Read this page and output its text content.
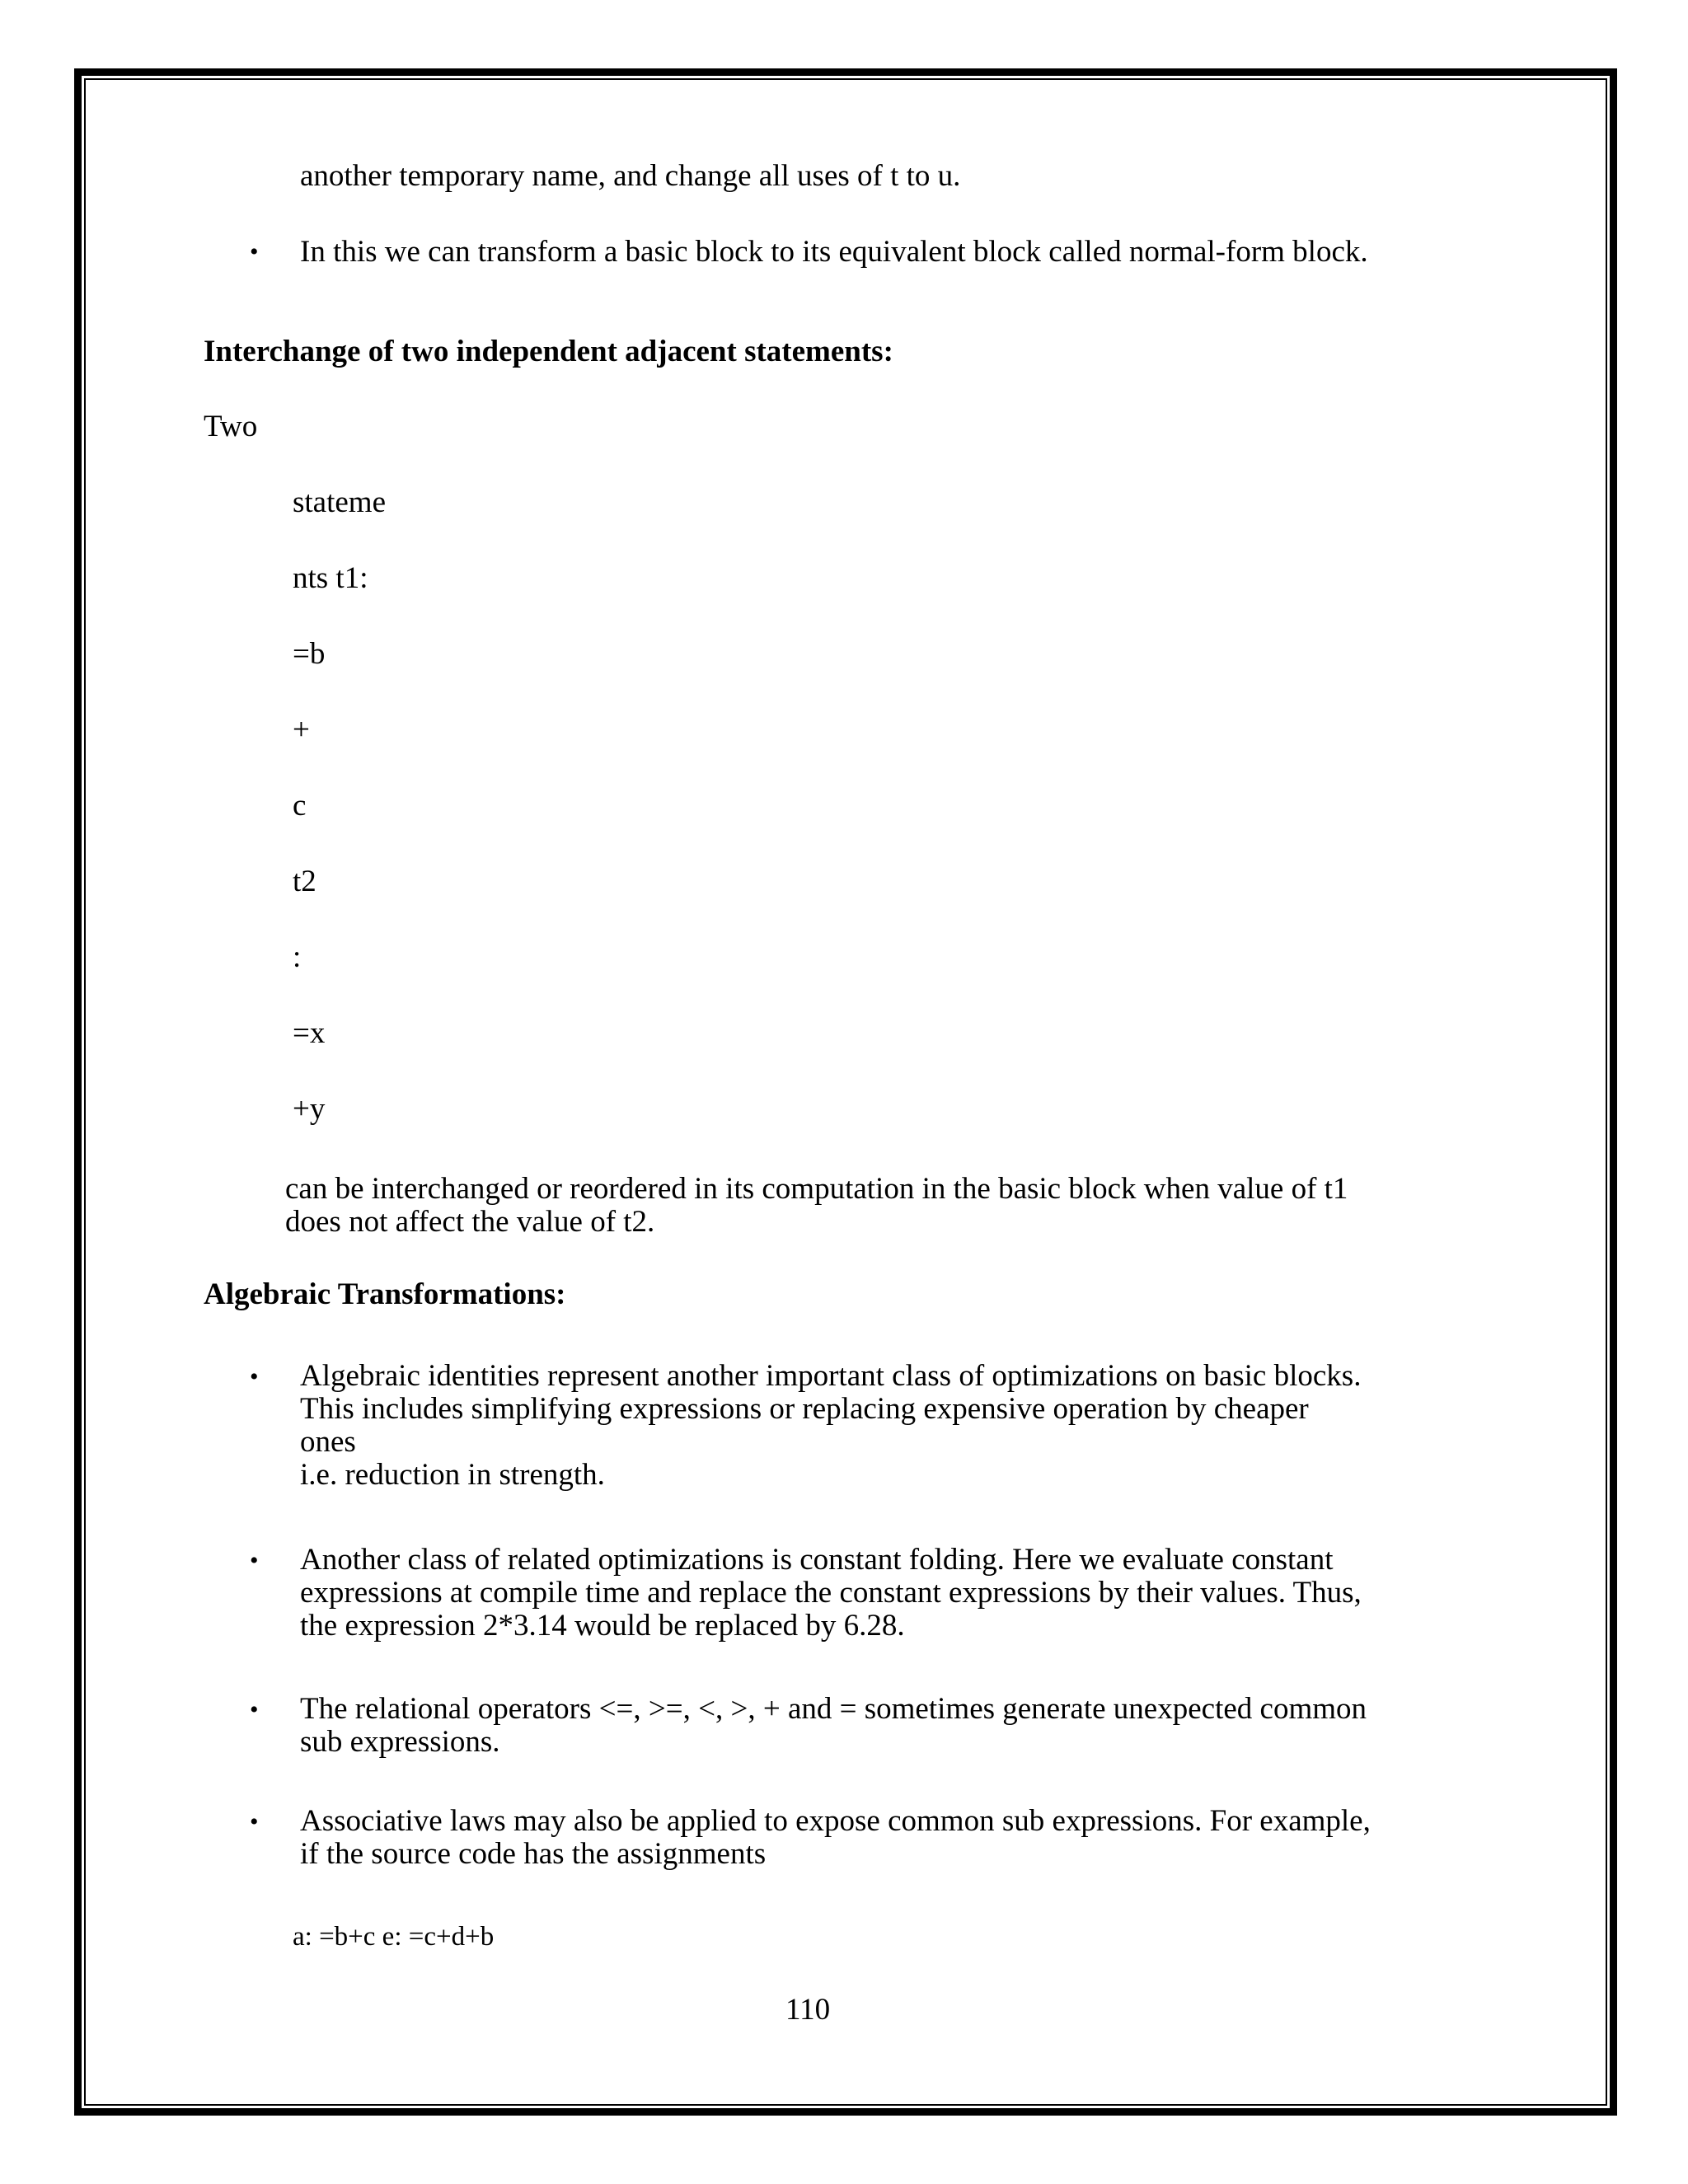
another temporary name, and change all uses of t to u.
• In this we can transform a basic block to its equivalent block called normal-form block.
Interchange of two independent adjacent statements:
Two
stateme
nts t1:
=b
+
c
t2
:
=x
+y
can be interchanged or reordered in its computation in the basic block when value of t1
does not affect the value of t2.
Algebraic Transformations:
• Algebraic identities represent another important class of optimizations on basic blocks.
This includes simplifying expressions or replacing expensive operation by cheaper
ones
i.e. reduction in strength.
• Another class of related optimizations is constant folding. Here we evaluate constant
expressions at compile time and replace the constant expressions by their values. Thus,
the expression 2*3.14 would be replaced by 6.28.
• The relational operators <=, >=, <, >, + and = sometimes generate unexpected common
sub expressions.
• Associative laws may also be applied to expose common sub expressions. For example,
if the source code has the assignments
a: =b+c e: =c+d+b
110
